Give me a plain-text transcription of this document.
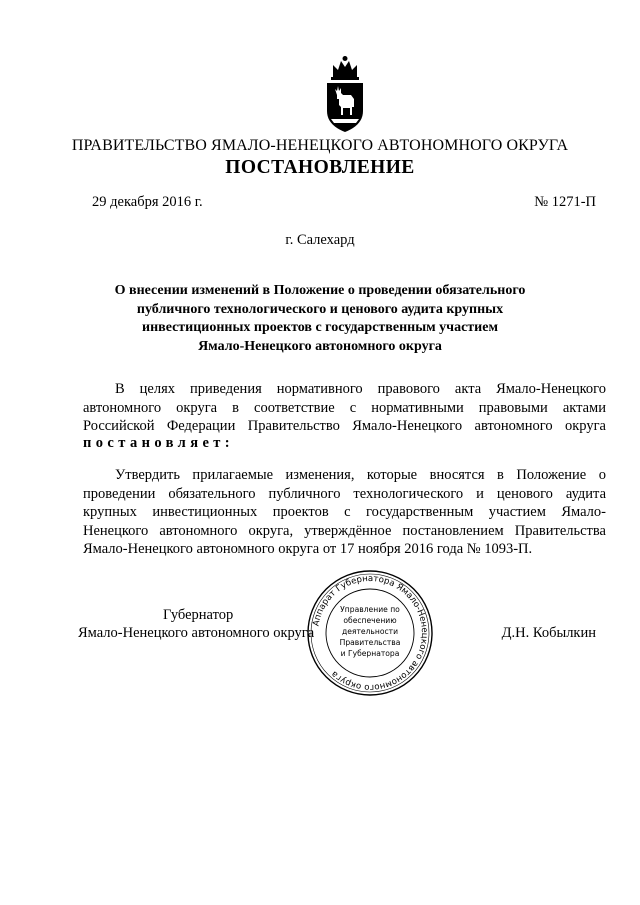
ПРАВИТЕЛЬСТВО ЯМАЛО-НЕНЕЦКОГО АВТОНОМНОГО ОКРУГА
ПОСТАНОВЛЕНИЕ
29 декабря 2016 г.	№ 1271-П
г. Салехард
О внесении изменений в Положение о проведении обязательного
публичного технологического и ценового аудита крупных
инвестиционных проектов с государственным участием
Ямало-Ненецкого автономного округа
В целях приведения нормативного правового акта Ямало-Ненецкого
автономного округа в соответствие с нормативными правовыми актами
Российской Федерации Правительство Ямало-Ненецкого автономного округа
постановляет:
Утвердить прилагаемые изменения, которые вносятся в Положение о
проведении обязательного публичного технологического и ценового аудита
крупных инвестиционных проектов с государственным участием Ямало-
Ненецкого автономного округа, утверждённое постановлением Правительства
Ямало-Ненецкого автономного округа от 17 ноября 2016 года № 1093-П.
Губернатор
Ямало-Ненецкого автономного округа	Д.Н. Кобылкин
Аппарат Губернатора Ямало-Ненецкого автономного округа
Управление по
обеспечению
деятельности
Правительства
и Губернатора
